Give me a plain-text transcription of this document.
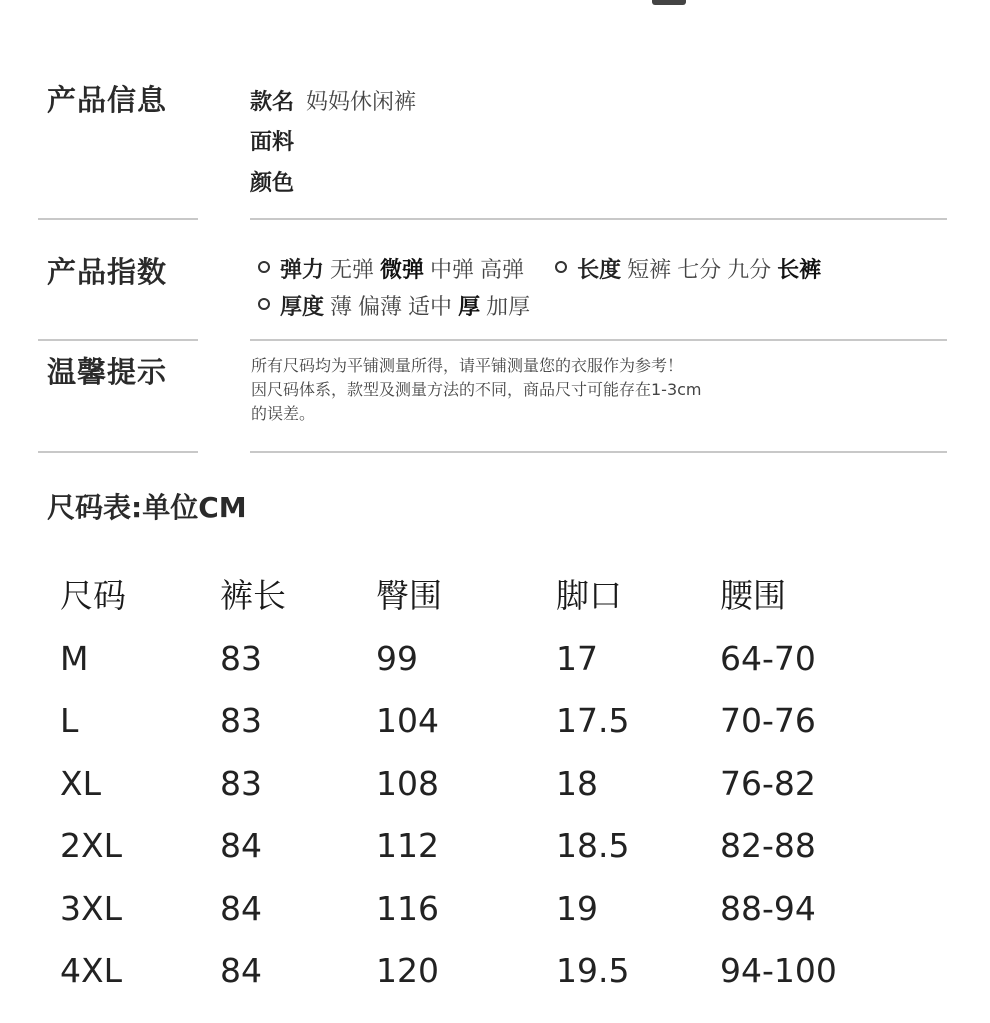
产品信息	款名 妈妈休闲裤
面料
颜色
产品指数	弹力 无弹 微弹 中弹 高弹 长度 短裤 七分 九分 长裤
厚度 薄 偏薄 适中 厚 加厚
温馨提示	所有尺码均为平铺测量所得，请平铺测量您的衣服作为参考！
因尺码体系，款型及测量方法的不同，商品尺寸可能存在1-3cm
的误差。
尺码表:单位CM
尺码	裤长	臀围	脚口	腰围
M	83	99	17	64-70
L	83	104	17.5	70-76
XL	83	108	18	76-82
2XL	84	112	18.5	82-88
3XL	84	116	19	88-94
4XL	84	120	19.5	94-100
